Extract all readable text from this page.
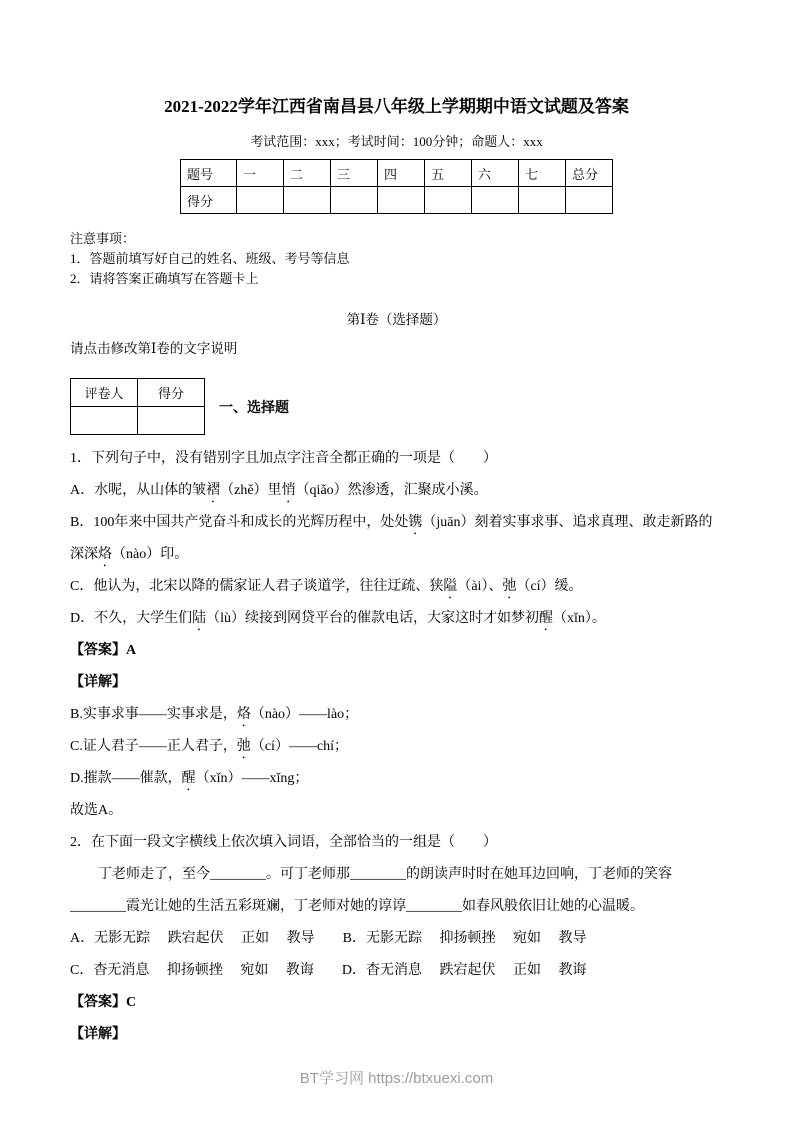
2021-2022学年江西省南昌县八年级上学期期中语文试题及答案
考试范围：xxx；考试时间：100分钟；命题人：xxx
题号	一	二	三	四	五	六	七	总分
得分								
注意事项：
1．答题前填写好自己的姓名、班级、考号等信息
2．请将答案正确填写在答题卡上
第Ⅰ卷（选择题）
请点击修改第Ⅰ卷的文字说明
评卷人	得分

一、选择题
1．下列句子中，没有错别字且加点字注音全都正确的一项是（　　）
A．水呢，从山体的皱褶（zhě）里悄（qiǎo）然渗透，汇聚成小溪。
B．100年来中国共产党奋斗和成长的光辉历程中，处处镌（juān）刻着实事求事、追求真理、敢走新路的
深深烙（nào）印。
C．他认为，北宋以降的儒家证人君子谈道学，往往迂疏、狭隘（ài）、弛（cí）缓。
D．不久，大学生们陆（lù）续接到网贷平台的催款电话，大家这时才如梦初醒（xǐn）。
【答案】A
【详解】
B.实事求事——实事求是，烙（nào）——lào；
C.证人君子——正人君子，弛（cí）——chí；
D.摧款——催款，醒（xǐn）——xǐng；
故选A。
2．在下面一段文字横线上依次填入词语，全部恰当的一组是（　　）
丁老师走了，至今________。可丁老师那________的朗读声时时在她耳边回响，丁老师的笑容
________霞光让她的生活五彩斑斓，丁老师对她的谆谆________如春风般依旧让她的心温暖。
A．无影无踪　 跌宕起伏　 正如　 教导　　B．无影无踪　 抑扬顿挫　 宛如　 教导
C．杳无消息　 抑扬顿挫　 宛如　 教诲　　D．杳无消息　 跌宕起伏　 正如　 教诲
【答案】C
【详解】
BT学习网 https://btxuexi.com
